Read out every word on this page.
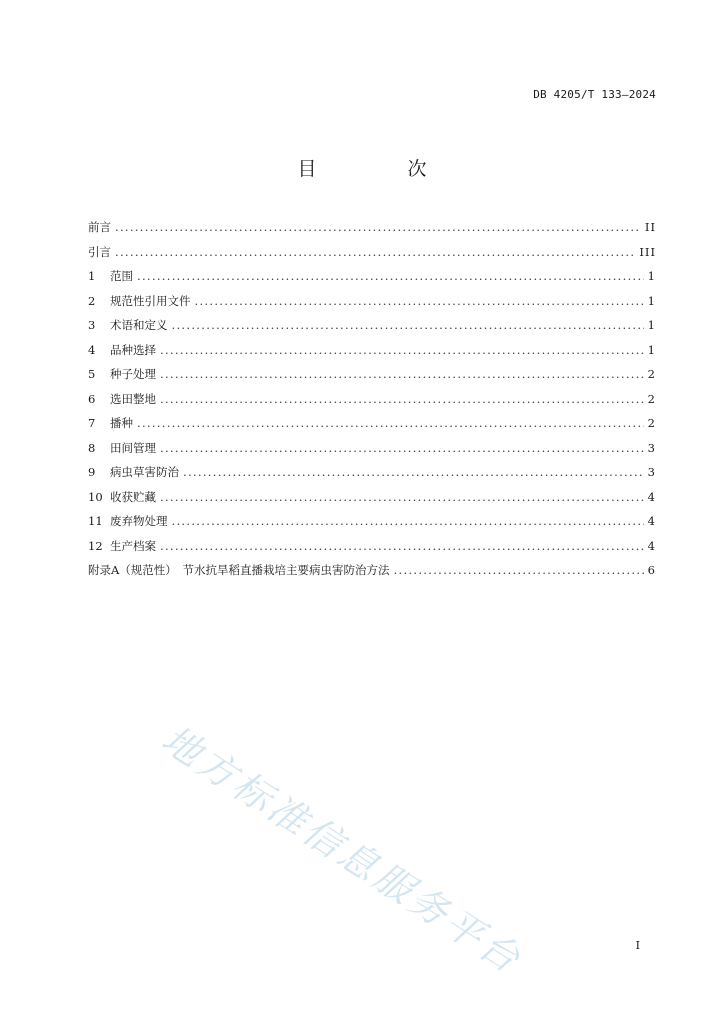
DB 4205/T 133—2024
目　次
前言 .....	II
引言 .....	III
1 范围 .....	1
2 规范性引用文件 .....	1
3 术语和定义 .....	1
4 品种选择 .....	1
5 种子处理 .....	2
6 选田整地 .....	2
7 播种 .....	2
8 田间管理 .....	3
9 病虫草害防治 .....	3
10 收获贮藏 .....	4
11 废弃物处理 .....	4
12 生产档案 .....	4
附录A（规范性）　节水抗旱稻直播栽培主要病虫害防治方法 .....	6
地方标准信息服务平台	I
